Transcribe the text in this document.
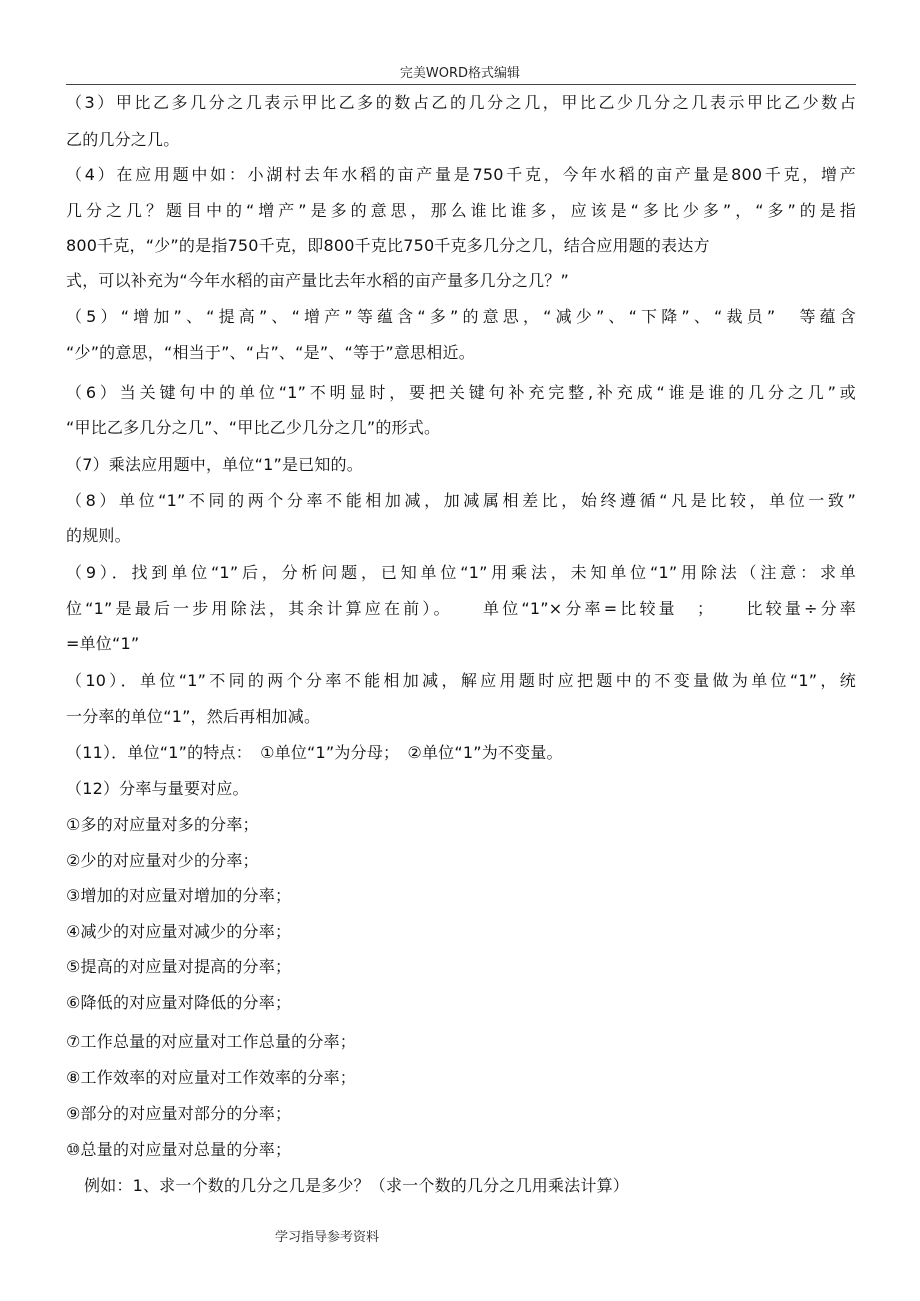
完美WORD格式编辑
（3）甲比乙多几分之几表示甲比乙多的数占乙的几分之几，甲比乙少几分之几表示甲比乙少数占
乙的几分之几。
（4）在应用题中如：小湖村去年水稻的亩产量是750千克，今年水稻的亩产量是800千克，增产
几分之几？题目中的“增产”是多的意思，那么谁比谁多，应该是“多比少多”，“多”的是指
800千克，“少”的是指750千克，即800千克比750千克多几分之几，结合应用题的表达方
式，可以补充为“今年水稻的亩产量比去年水稻的亩产量多几分之几？”
（5）“增加”、“提高”、“增产”等蕴含“多”的意思，“减少”、“下降”、“裁员”　等蕴含
“少”的意思，“相当于”、“占”、“是”、“等于”意思相近。
（6）当关键句中的单位“1”不明显时，要把关键句补充完整,补充成“谁是谁的几分之几”或
“甲比乙多几分之几”、“甲比乙少几分之几”的形式。
（7）乘法应用题中，单位“1”是已知的。
（8）单位“1”不同的两个分率不能相加减，加减属相差比，始终遵循“凡是比较，单位一致”
的规则。
（9）．找到单位“1”后，分析问题，已知单位“1”用乘法，未知单位“1”用除法（注意：求单
位“1”是最后一步用除法，其余计算应在前）。　　单位“1”×分率=比较量　；　　比较量÷分率
=单位“1”
（10）．单位“1”不同的两个分率不能相加减，解应用题时应把题中的不变量做为单位“1”，统
一分率的单位“1”，然后再相加减。
（11）．单位“1”的特点：　①单位“1”为分母；　②单位“1”为不变量。
（12）分率与量要对应。
①多的对应量对多的分率；
②少的对应量对少的分率；
③增加的对应量对增加的分率；
④减少的对应量对减少的分率；
⑤提高的对应量对提高的分率；
⑥降低的对应量对降低的分率；
⑦工作总量的对应量对工作总量的分率；
⑧工作效率的对应量对工作效率的分率；
⑨部分的对应量对部分的分率；
⑩总量的对应量对总量的分率；
例如：1、求一个数的几分之几是多少？（求一个数的几分之几用乘法计算）
学习指导参考资料
